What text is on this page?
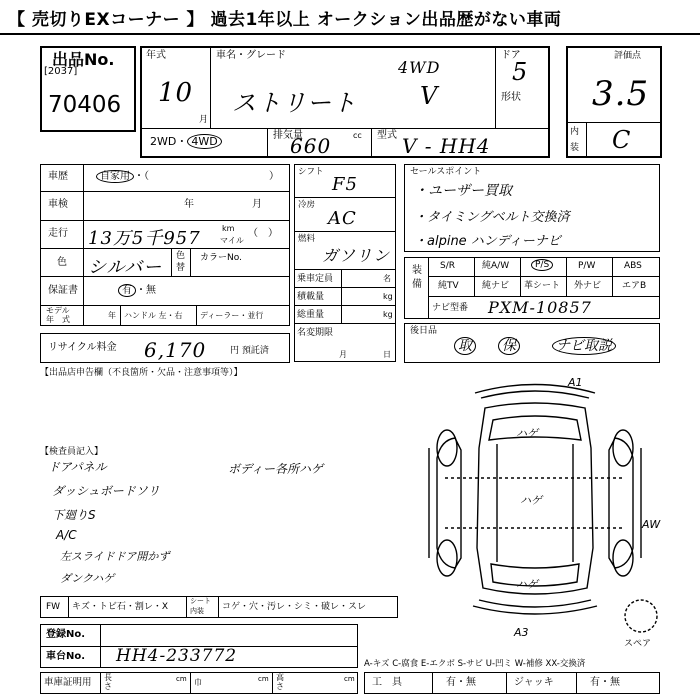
【 売切りEXコーナー 】 過去1年以上 オークション出品歴がない車両
出品No.
[2037]
70406
年式
10
月
車名・グレード
4WD
ストリート	V
ドア
5
形状
2WD・ 4WD	排気量
660	cc 型式 V - HH4
評価点
3.5
内
装 C
車歴	自家用 ・（　　　　　　　　　　　　）
車検	年	月
走行 13万5千957	km
マイル
（　）
色 シルバー
色
替
カラーNo.
保証書	有 ・無
モデル
年　式	年 ハンドル 左・右 ディーラー・並行
リサイクル料金 6,170	円 預託済
シフト
F5
冷房
AC
燃料
ガソリン
乗車定員	名
積載量	kg
総重量	kg
名変期限
月	日
セールスポイント
・ユーザー買取
・タイミングベルト交換済
・alpine ハンディーナビ
装備
S/R	純A/W	P/S	P/W	ABS
純TV	純ナビ 革シート 外ナビ エアB
ナビ型番 PXM-10857
後日品
取 保	ナビ取説
【出品店申告欄（不良箇所・欠品・注意事項等）】
【検査員記入】
ドアパネル
ダッシュボードソリ
下廻りS
A/C
左スライドドア開かず
ダンクハゲ
ボディー各所ハゲ
A1
ハゲ
ハゲ
AW
ハゲ
A3
スペア
FW キズ・トビ石・割レ・X
シート
内装 コゲ・穴・汚レ・シミ・破レ・スレ
登録No.
車台No. HH4-233772	A-キズ C-腐食 E-エクボ S-サビ U-凹ミ W-補修 XX-交換済
車庫証明用 長
さ
cm 巾	cm 高
さ
cm 工　具	有・無	ジャッキ	有・無
